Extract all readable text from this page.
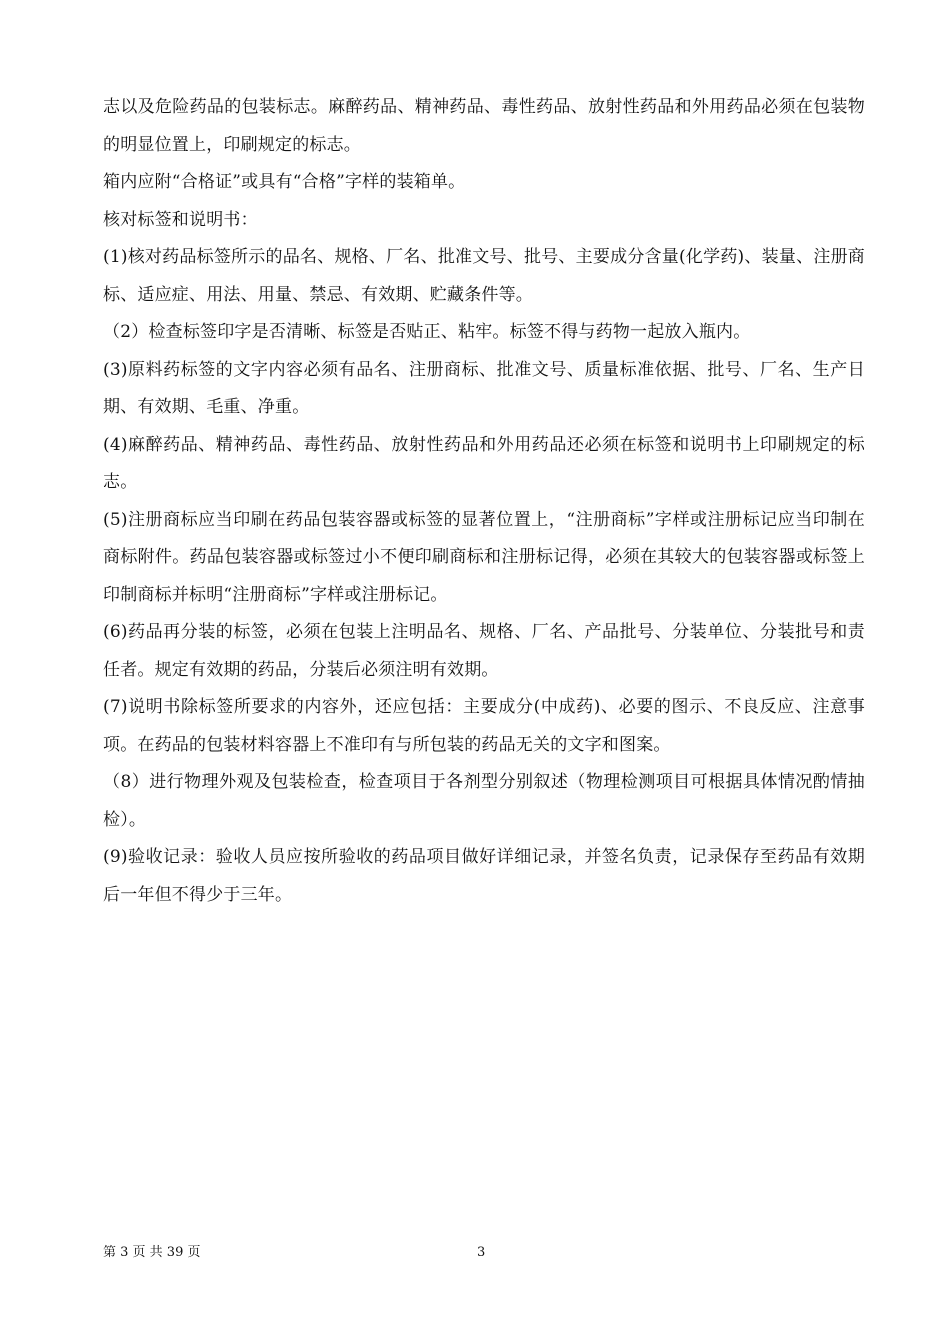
志以及危险药品的包装标志。麻醉药品、精神药品、毒性药品、放射性药品和外用药品必须在包装物的明显位置上，印刷规定的标志。

箱内应附“合格证”或具有“合格”字样的装箱单。

核对标签和说明书：

(1)核对药品标签所示的品名、规格、厂名、批准文号、批号、主要成分含量(化学药)、装量、注册商标、适应症、用法、用量、禁忌、有效期、贮藏条件等。

（2）检查标签印字是否清晰、标签是否贴正、粘牢。标签不得与药物一起放入瓶内。

(3)原料药标签的文字内容必须有品名、注册商标、批准文号、质量标准依据、批号、厂名、生产日期、有效期、毛重、净重。

(4)麻醉药品、精神药品、毒性药品、放射性药品和外用药品还必须在标签和说明书上印刷规定的标志。

(5)注册商标应当印刷在药品包装容器或标签的显著位置上，“注册商标”字样或注册标记应当印制在商标附件。药品包装容器或标签过小不便印刷商标和注册标记得，必须在其较大的包装容器或标签上印制商标并标明“注册商标”字样或注册标记。

(6)药品再分装的标签，必须在包装上注明品名、规格、厂名、产品批号、分装单位、分装批号和责任者。规定有效期的药品，分装后必须注明有效期。

(7)说明书除标签所要求的内容外，还应包括：主要成分(中成药)、必要的图示、不良反应、注意事项。在药品的包装材料容器上不准印有与所包装的药品无关的文字和图案。

（8）进行物理外观及包装检查，检查项目于各剂型分别叙述（物理检测项目可根据具体情况酌情抽检）。

(9)验收记录：验收人员应按所验收的药品项目做好详细记录，并签名负责，记录保存至药品有效期后一年但不得少于三年。

第 3 页 共 39 页	3
